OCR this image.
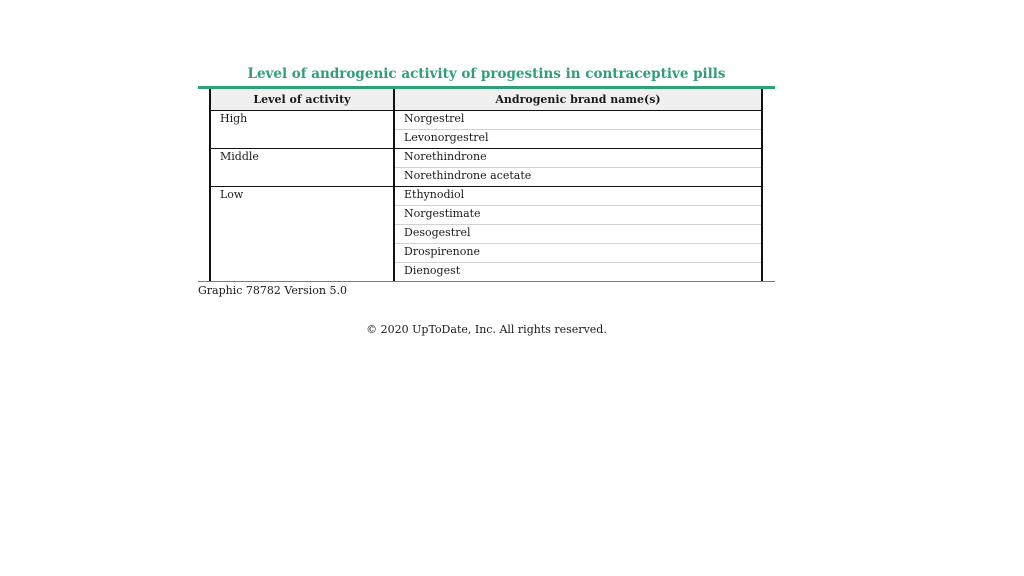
Level of androgenic activity of progestins in contraceptive pills
Level of activity	Androgenic brand name(s)
High	Norgestrel
	Levonorgestrel
Middle	Norethindrone
	Norethindrone acetate
Low	Ethynodiol
	Norgestimate
	Desogestrel
	Drospirenone
	Dienogest
Graphic 78782 Version 5.0
© 2020 UpToDate, Inc. All rights reserved.
